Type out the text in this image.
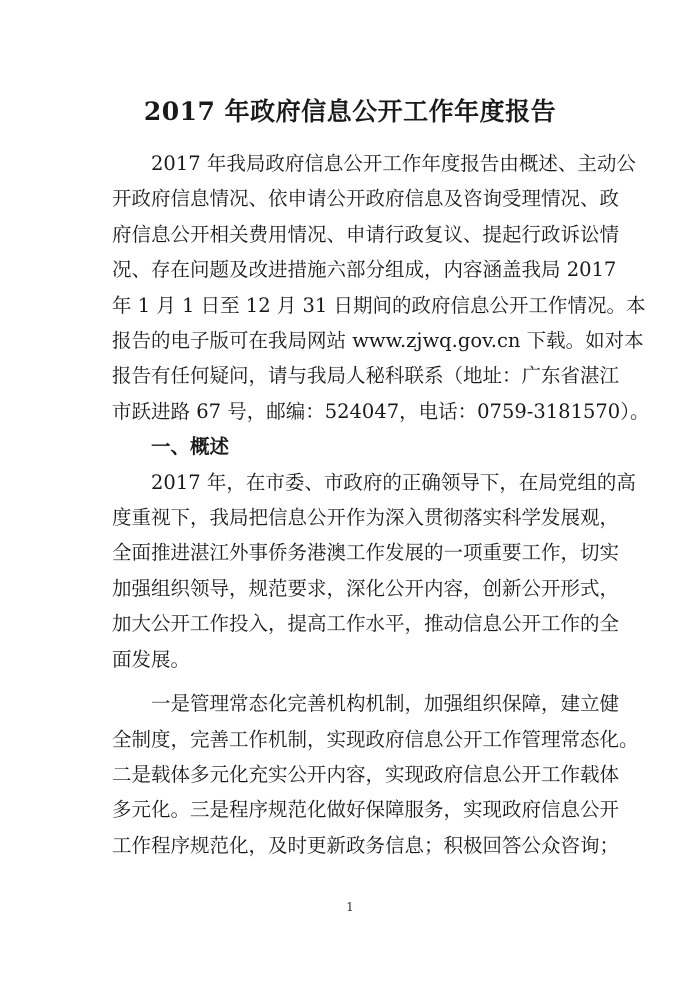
2017 年政府信息公开工作年度报告

2017 年我局政府信息公开工作年度报告由概述、主动公
开政府信息情况、依申请公开政府信息及咨询受理情况、政
府信息公开相关费用情况、申请行政复议、提起行政诉讼情
况、存在问题及改进措施六部分组成，内容涵盖我局 2017
年 1 月 1 日至 12 月 31 日期间的政府信息公开工作情况。本
报告的电子版可在我局网站 www.zjwq.gov.cn 下载。如对本
报告有任何疑问，请与我局人秘科联系（地址：广东省湛江
市跃进路 67 号，邮编：524047，电话：0759-3181570）。

一、概述

2017 年，在市委、市政府的正确领导下，在局党组的高
度重视下，我局把信息公开作为深入贯彻落实科学发展观，
全面推进湛江外事侨务港澳工作发展的一项重要工作，切实
加强组织领导，规范要求，深化公开内容，创新公开形式，
加大公开工作投入，提高工作水平，推动信息公开工作的全
面发展。

一是管理常态化完善机构机制，加强组织保障，建立健
全制度，完善工作机制，实现政府信息公开工作管理常态化。
二是载体多元化充实公开内容，实现政府信息公开工作载体
多元化。三是程序规范化做好保障服务，实现政府信息公开
工作程序规范化，及时更新政务信息；积极回答公众咨询；

1
